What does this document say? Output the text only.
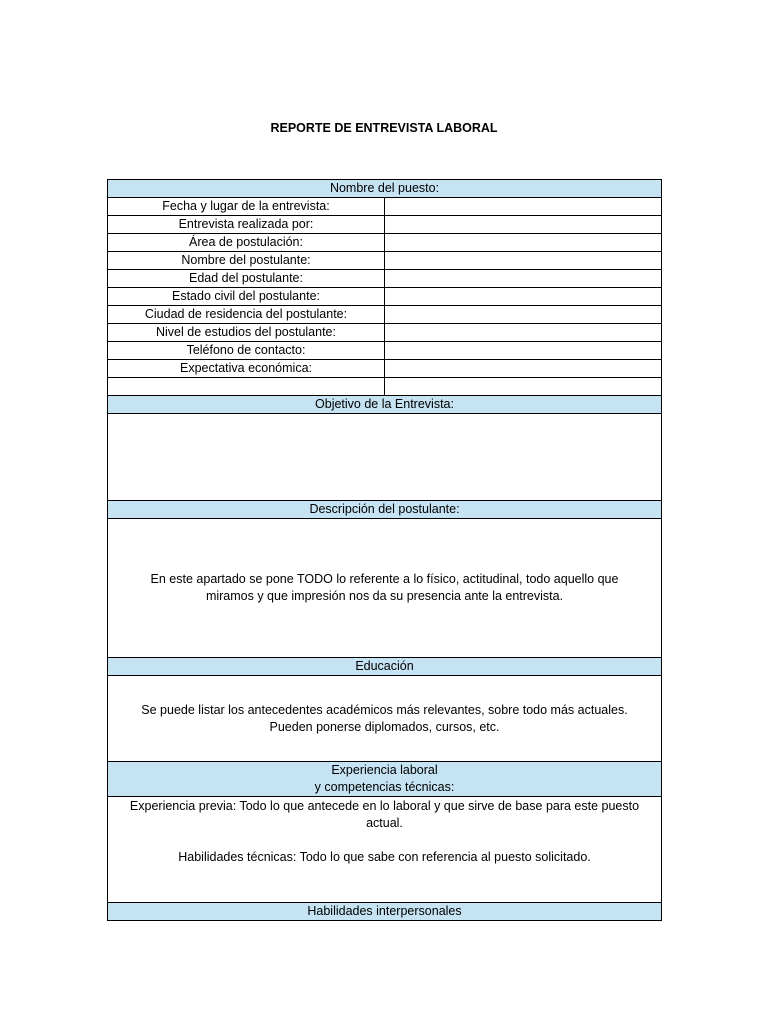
REPORTE DE ENTREVISTA LABORAL
Nombre del puesto:	
Fecha y lugar de la entrevista:	
Entrevista realizada por:	
Área de postulación:	
Nombre del postulante:	
Edad del postulante:	
Estado civil del postulante:	
Ciudad de residencia del postulante:	
Nivel de estudios del postulante:	
Teléfono de contacto:	
Expectativa económica:	

Objetivo de la Entrevista:	

Descripción del postulante:	
En este apartado se pone TODO lo referente a lo físico, actitudinal, todo aquello que
miramos y que impresión nos da su presencia ante la entrevista.	
Educación	
Se puede listar los antecedentes académicos más relevantes, sobre todo más actuales.
Pueden ponerse diplomados, cursos, etc.	
Experiencia laboral
y competencias técnicas:	
Experiencia previa: Todo lo que antecede en lo laboral y que sirve de base para este puesto
actual.
Habilidades técnicas: Todo lo que sabe con referencia al puesto solicitado.	
Habilidades interpersonales	
